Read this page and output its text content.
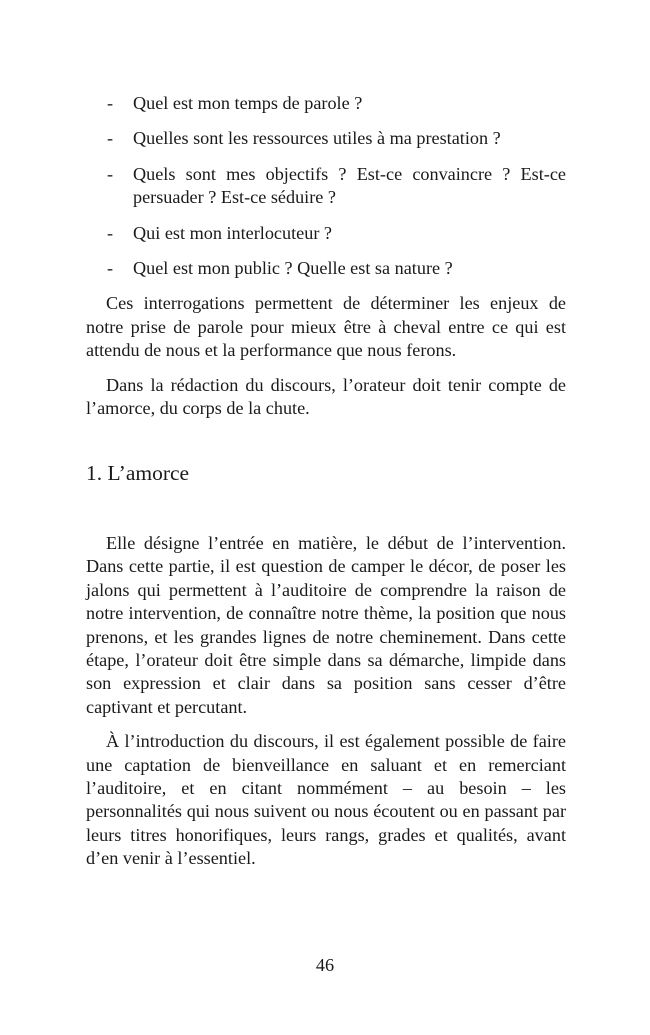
- Quel est mon temps de parole ?
- Quelles sont les ressources utiles à ma prestation ?
- Quels sont mes objectifs ? Est-ce convaincre ? Est-ce persuader ? Est-ce séduire ?
- Qui est mon interlocuteur ?
- Quel est mon public ? Quelle est sa nature ?

Ces interrogations permettent de déterminer les enjeux de notre prise de parole pour mieux être à cheval entre ce qui est attendu de nous et la performance que nous ferons.

Dans la rédaction du discours, l’orateur doit tenir compte de l’amorce, du corps de la chute.

1. L’amorce

Elle désigne l’entrée en matière, le début de l’intervention. Dans cette partie, il est question de camper le décor, de poser les jalons qui permettent à l’auditoire de comprendre la raison de notre intervention, de connaître notre thème, la position que nous prenons, et les grandes lignes de notre cheminement. Dans cette étape, l’orateur doit être simple dans sa démarche, limpide dans son expression et clair dans sa position sans cesser d’être captivant et percutant.

À l’introduction du discours, il est également possible de faire une captation de bienveillance en saluant et en remerciant l’auditoire, et en citant nommément – au besoin – les personnalités qui nous suivent ou nous écoutent ou en passant par leurs titres honorifiques, leurs rangs, grades et qualités, avant d’en venir à l’essentiel.

46
